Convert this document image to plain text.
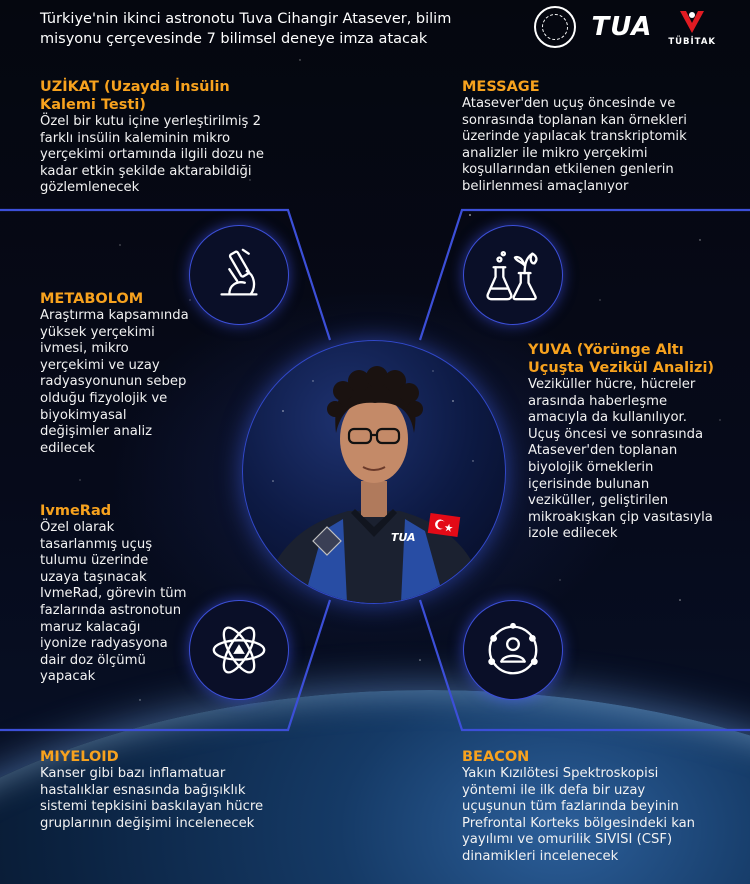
Türkiye'nin ikinci astronotu Tuva Cihangir Atasever, bilim misyonu çerçevesinde 7 bilimsel deneye imza atacak	TUA TÜBİTAK
UZİKAT (Uzayda İnsülin Kalemi Testi)
Özel bir kutu içine yerleştirilmiş 2 farklı insülin kaleminin mikro yerçekimi ortamında ilgili dozu ne kadar etkin şekilde aktarabildiği gözlemlenecek
MESSAGE
Atasever'den uçuş öncesinde ve sonrasında toplanan kan örnekleri üzerinde yapılacak transkriptomik analizler ile mikro yerçekimi koşullarından etkilenen genlerin belirlenmesi amaçlanıyor
METABOLOM
Araştırma kapsamında yüksek yerçekimi ivmesi, mikro yerçekimi ve uzay radyasyonunun sebep olduğu fizyolojik ve biyokimyasal değişimler analiz edilecek
YUVA (Yörünge Altı Uçuşta Vezikül Analizi)
Veziküller hücre, hücreler arasında haberleşme amacıyla da kullanılıyor. Uçuş öncesi ve sonrasında Atasever'den toplanan biyolojik örneklerin içerisinde bulunan veziküller, geliştirilen mikroakışkan çip vasıtasıyla izole edilecek
IvmeRad
Özel olarak tasarlanmış uçuş tulumu üzerinde uzaya taşınacak IvmeRad, görevin tüm fazlarında astronotun maruz kalacağı iyonize radyasyona dair doz ölçümü yapacak
MIYELOID
Kanser gibi bazı inflamatuar hastalıklar esnasında bağışıklık sistemi tepkisini baskılayan hücre gruplarının değişimi incelenecek
BEACON
Yakın Kızılötesi Spektroskopisi yöntemi ile ilk defa bir uzay uçuşunun tüm fazlarında beyinin Prefrontal Korteks bölgesindeki kan yayılımı ve omurilik SIVISI (CSF) dinamikleri incelenecek
TUA
